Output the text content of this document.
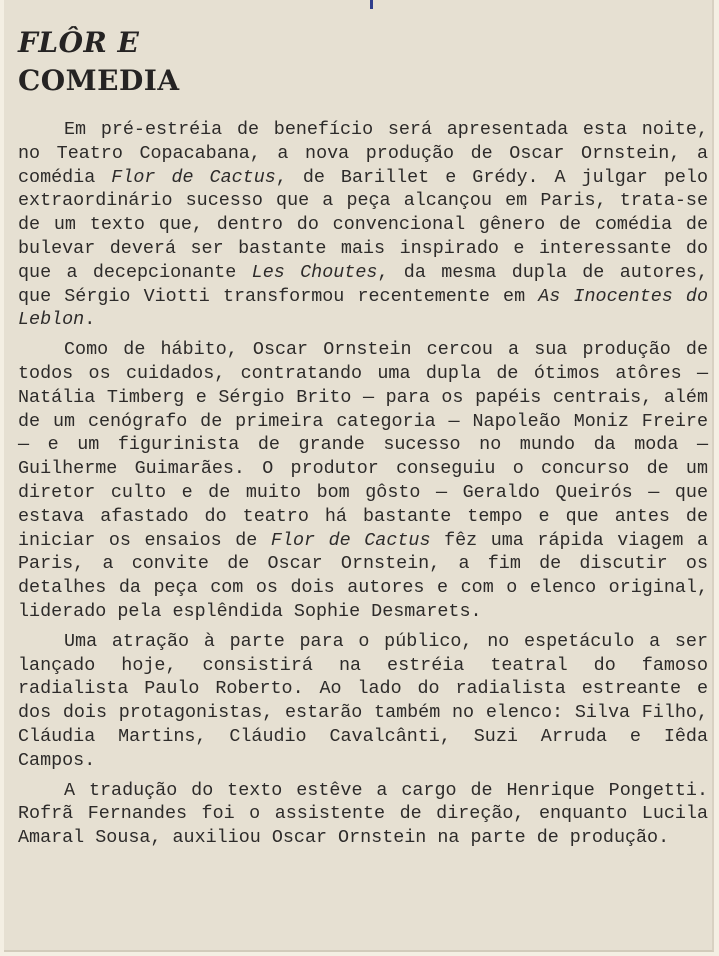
FLÔR E
COMEDIA

Em pré-estréia de benefício será apresentada esta noite, no Teatro Copacabana, a nova produção de Oscar Ornstein, a comédia Flor de Cactus, de Barillet e Grédy. A julgar pelo extraordinário sucesso que a peça alcançou em Paris, trata-se de um texto que, dentro do convencional gênero de comédia de bulevar deverá ser bastante mais inspirado e interessante do que a decepcionante Les Choutes, da mesma dupla de autores, que Sérgio Viotti transformou recentemente em As Inocentes do Leblon.

Como de hábito, Oscar Ornstein cercou a sua produção de todos os cuidados, contratando uma dupla de ótimos atôres — Natália Timberg e Sérgio Brito — para os papéis centrais, além de um cenógrafo de primeira categoria — Napoleão Moniz Freire — e um figurinista de grande sucesso no mundo da moda — Guilherme Guimarães. O produtor conseguiu o concurso de um diretor culto e de muito bom gôsto — Geraldo Queirós — que estava afastado do teatro há bastante tempo e que antes de iniciar os ensaios de Flor de Cactus fêz uma rápida viagem a Paris, a convite de Oscar Ornstein, a fim de discutir os detalhes da peça com os dois autores e com o elenco original, liderado pela esplêndida Sophie Desmarets.

Uma atração à parte para o público, no espetáculo a ser lançado hoje, consistirá na estréia teatral do famoso radialista Paulo Roberto. Ao lado do radialista estreante e dos dois protagonistas, estarão também no elenco: Silva Filho, Cláudia Martins, Cláudio Cavalcânti, Suzi Arruda e Iêda Campos.

A tradução do texto estêve a cargo de Henrique Pongetti. Rofrã Fernandes foi o assistente de direção, enquanto Lucila Amaral Sousa, auxiliou Oscar Ornstein na parte de produção.
